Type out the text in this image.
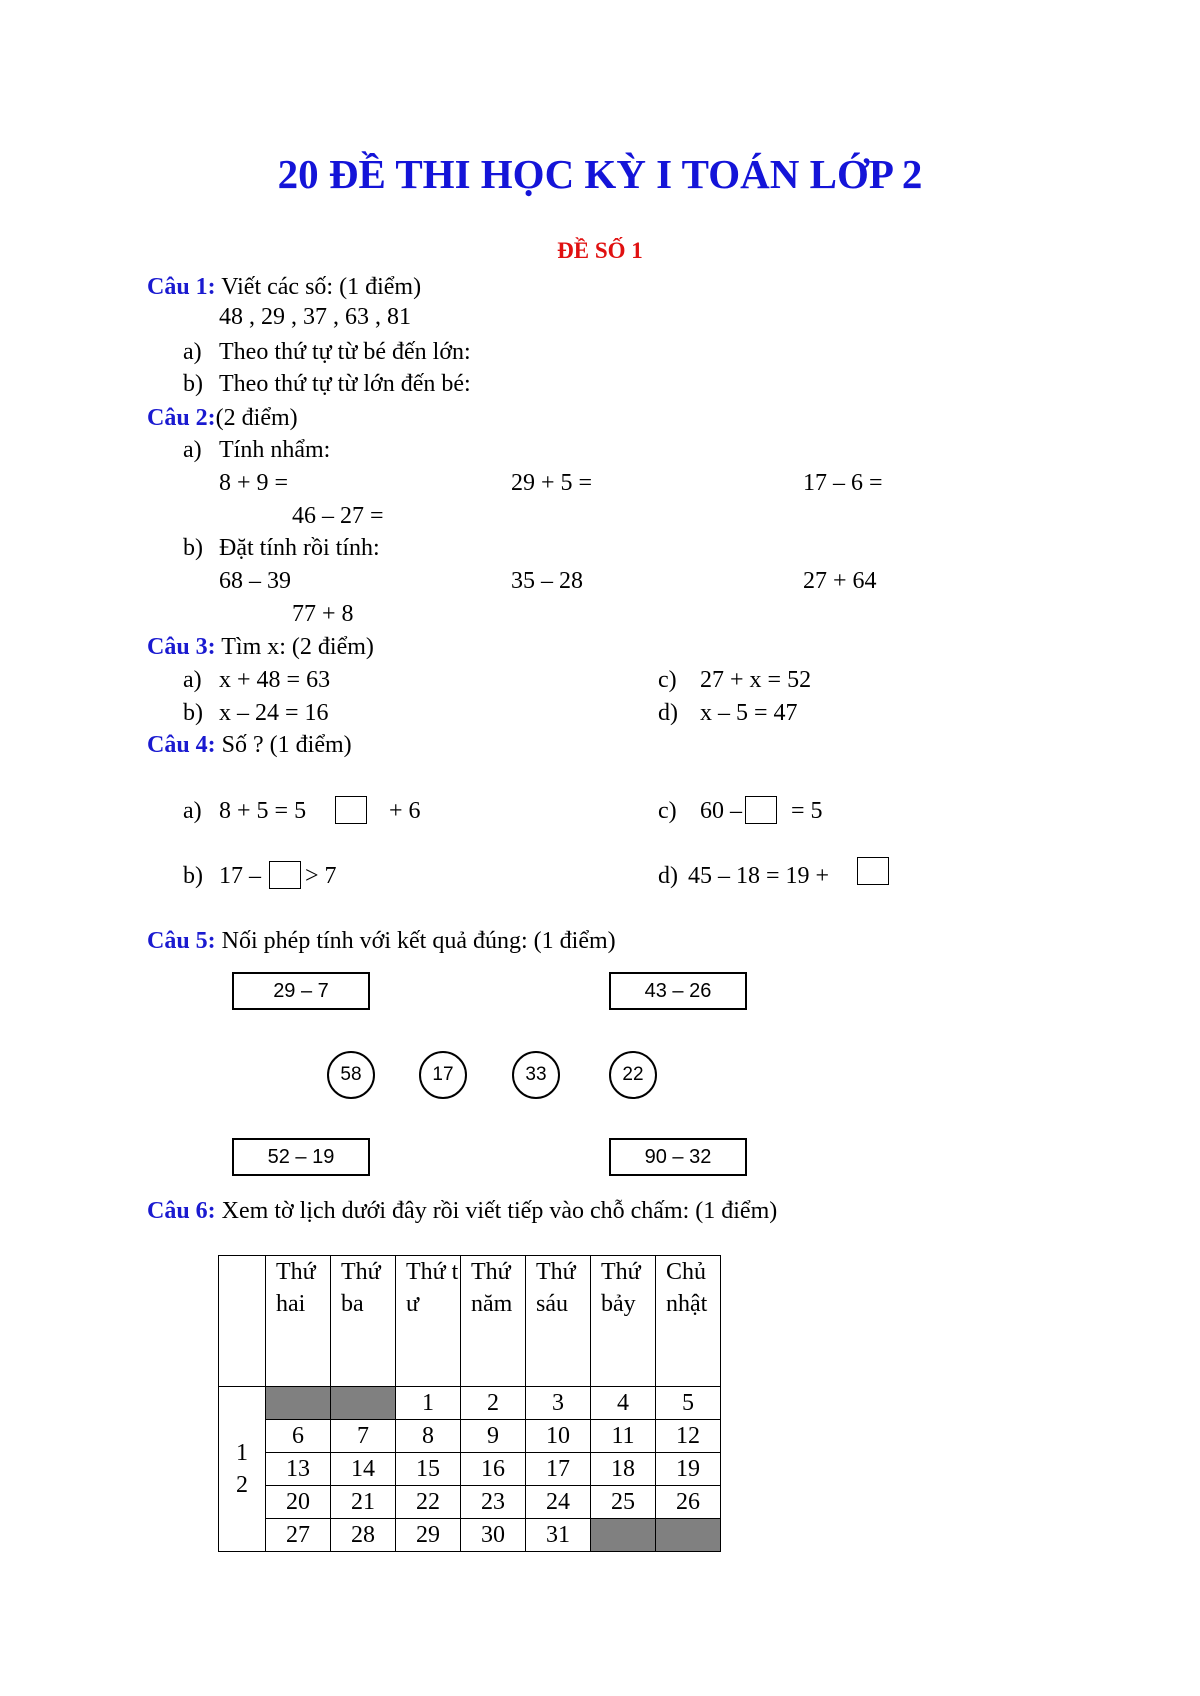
20 ĐỀ THI HỌC KỲ I TOÁN LỚP 2
ĐỀ SỐ 1
Câu 1: Viết các số: (1 điểm)
48 , 29 , 37 , 63 , 81
a) Theo thứ tự từ bé đến lớn:
b) Theo thứ tự từ lớn đến bé:
Câu 2:(2 điểm)
a) Tính nhẩm:
8 + 9 =	29 + 5 =	17 – 6 =
46 – 27 =
b) Đặt tính rồi tính:
68 – 39	35 – 28	27 + 64
77 + 8
Câu 3: Tìm x: (2 điểm)
a) x + 48 = 63	c) 27 + x = 52
b) x – 24 = 16	d) x – 5 = 47
Câu 4: Số ? (1 điểm)
a) 8 + 5 = 5	+ 6	c) 60 – = 5
b) 17 – > 7	d) 45 – 18 = 19 +
Câu 5: Nối phép tính với kết quả đúng: (1 điểm)
29 – 7	43 – 26
58	17	33	22
52 – 19	90 – 32
Câu 6: Xem tờ lịch dưới đây rồi viết tiếp vào chỗ chấm: (1 điểm)
	Thứ hai	Thứ ba	Thứ tư	Thứ năm	Thứ sáu	Thứ bảy	Chủ nhật
12			1	2	3	4	5
	6	7	8	9	10	11	12
	13	14	15	16	17	18	19
	20	21	22	23	24	25	26
	27	28	29	30	31		
